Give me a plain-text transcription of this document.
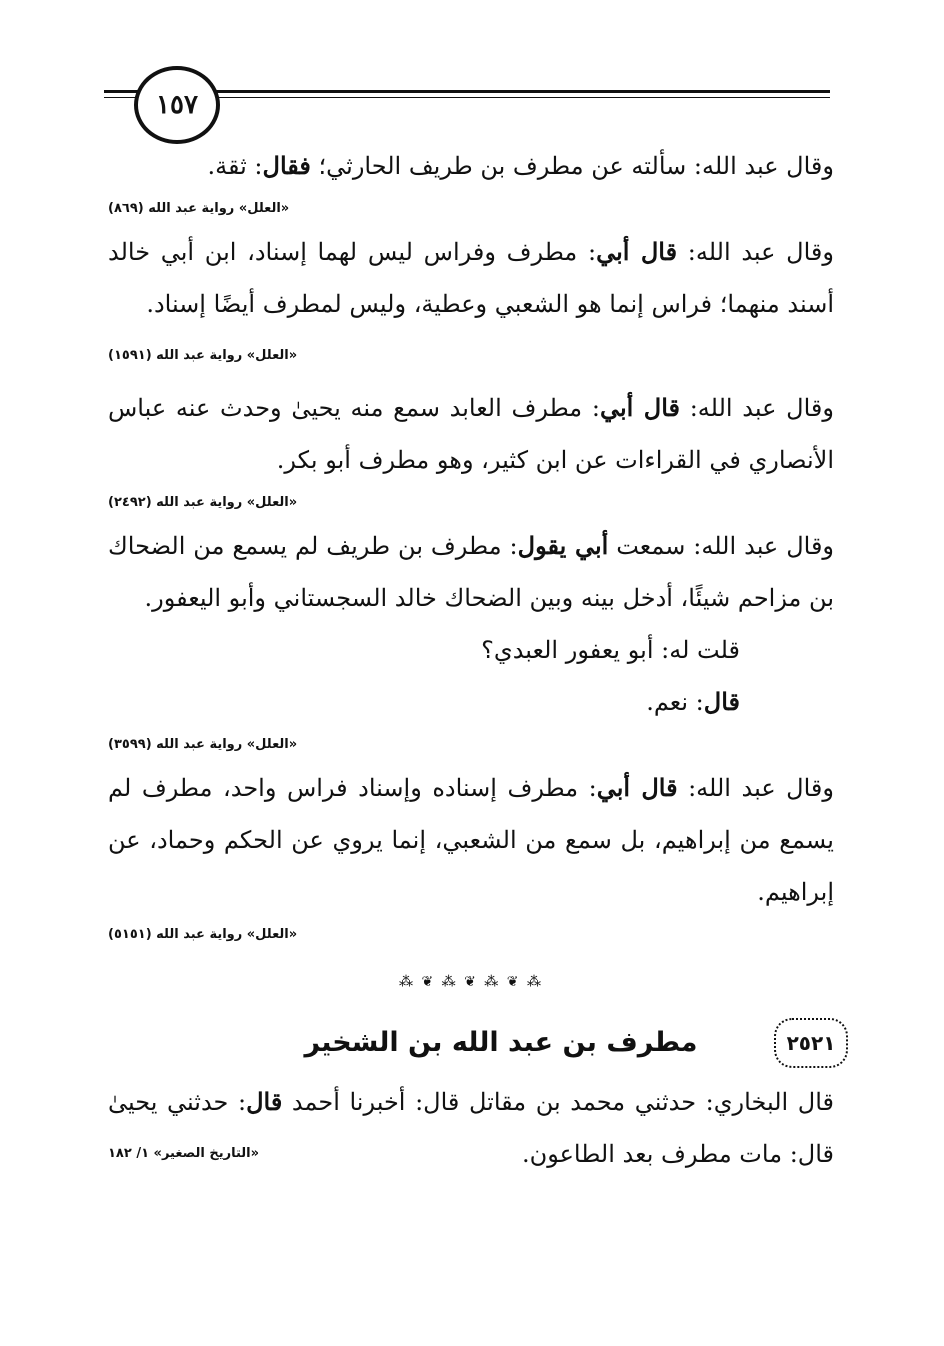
١٥٧

وقال عبد الله: سألته عن مطرف بن طريف الحارثي؛ فقال: ثقة.

«العلل» رواية عبد الله (٨٦٩)

وقال عبد الله: قال أبي: مطرف وفراس ليس لهما إسناد، ابن أبي خالد أسند منهما؛ فراس إنما هو الشعبي وعطية، وليس لمطرف أيضًا إسناد.
«العلل» رواية عبد الله (١٥٩١)

وقال عبد الله: قال أبي: مطرف العابد سمع منه يحيىٰ وحدث عنه عباس الأنصاري في القراءات عن ابن كثير، وهو مطرف أبو بكر.

«العلل» رواية عبد الله (٢٤٩٢)

وقال عبد الله: سمعت أبي يقول: مطرف بن طريف لم يسمع من الضحاك بن مزاحم شيئًا، أدخل بينه وبين الضحاك خالد السجستاني وأبو اليعفور.

قلت له: أبو يعفور العبدي؟

قال: نعم.

«العلل» رواية عبد الله (٣٥٩٩)

وقال عبد الله: قال أبي: مطرف إسناده وإسناد فراس واحد، مطرف لم يسمع من إبراهيم، بل سمع من الشعبي، إنما يروي عن الحكم وحماد، عن إبراهيم.

«العلل» رواية عبد الله (٥١٥١)
⁂ ❦ ⁂ ❦ ⁂ ❦ ⁂
٢٥٢١
مطرف بن عبد الله بن الشخير

قال البخاري: حدثني محمد بن مقاتل قال: أخبرنا أحمد قال: حدثني يحيىٰ قال: مات مطرف بعد الطاعون.
«التاريخ الصغير» ١/ ١٨٢
